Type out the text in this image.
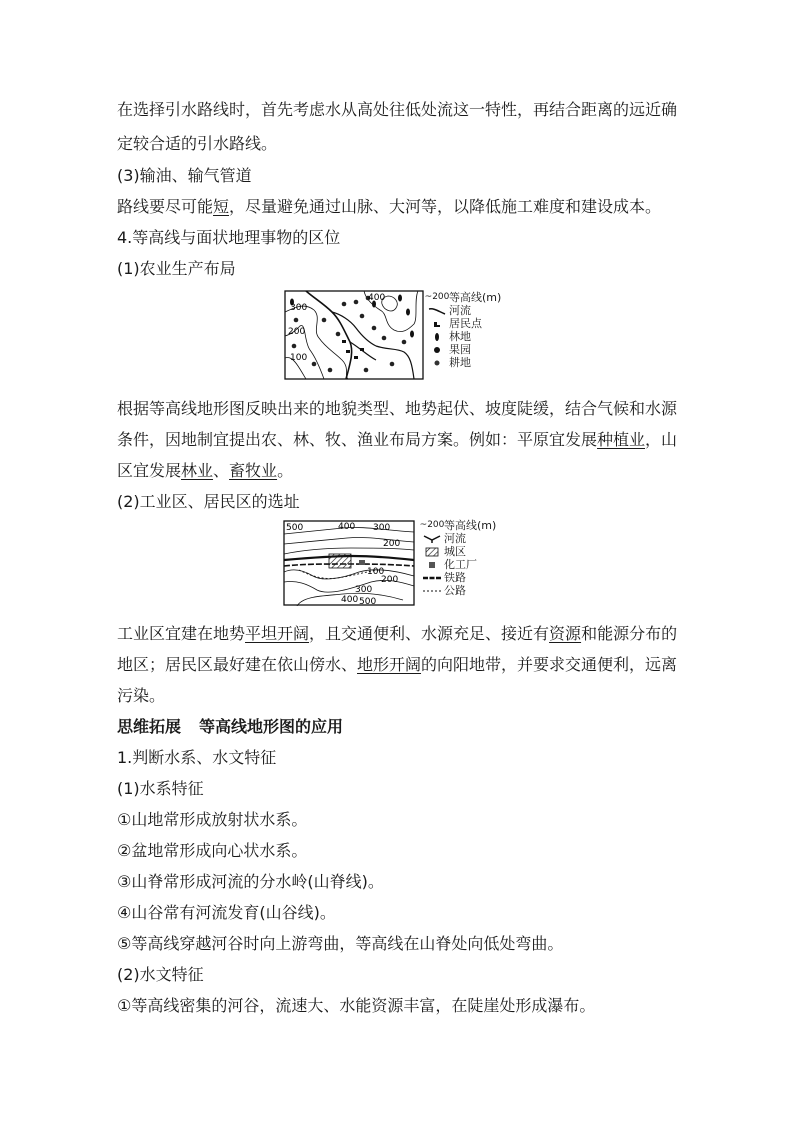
在选择引水路线时，首先考虑水从高处往低处流这一特性，再结合距离的远近确
定较合适的引水路线。
(3)输油、输气管道
路线要尽可能短，尽量避免通过山脉、大河等，以降低施工难度和建设成本。
4.等高线与面状地理事物的区位
(1)农业生产布局
300
200
100
400	~200 等高线(m)
河流
居民点
林地
果园
耕地
根据等高线地形图反映出来的地貌类型、地势起伏、坡度陡缓，结合气候和水源
条件，因地制宜提出农、林、牧、渔业布局方案。例如：平原宜发展种植业，山
区宜发展林业、畜牧业。
(2)工业区、居民区的选址
500	400 300
200
100
200
300
400 500
~200 等高线(m)
河流
城区
化工厂
铁路
公路
工业区宜建在地势平坦开阔，且交通便利、水源充足、接近有资源和能源分布的
地区；居民区最好建在依山傍水、地形开阔的向阳地带，并要求交通便利，远离
污染。
思维拓展 等高线地形图的应用
1.判断水系、水文特征
(1)水系特征
①山地常形成放射状水系。
②盆地常形成向心状水系。
③山脊常形成河流的分水岭(山脊线)。
④山谷常有河流发育(山谷线)。
⑤等高线穿越河谷时向上游弯曲，等高线在山脊处向低处弯曲。
(2)水文特征
①等高线密集的河谷，流速大、水能资源丰富，在陡崖处形成瀑布。
